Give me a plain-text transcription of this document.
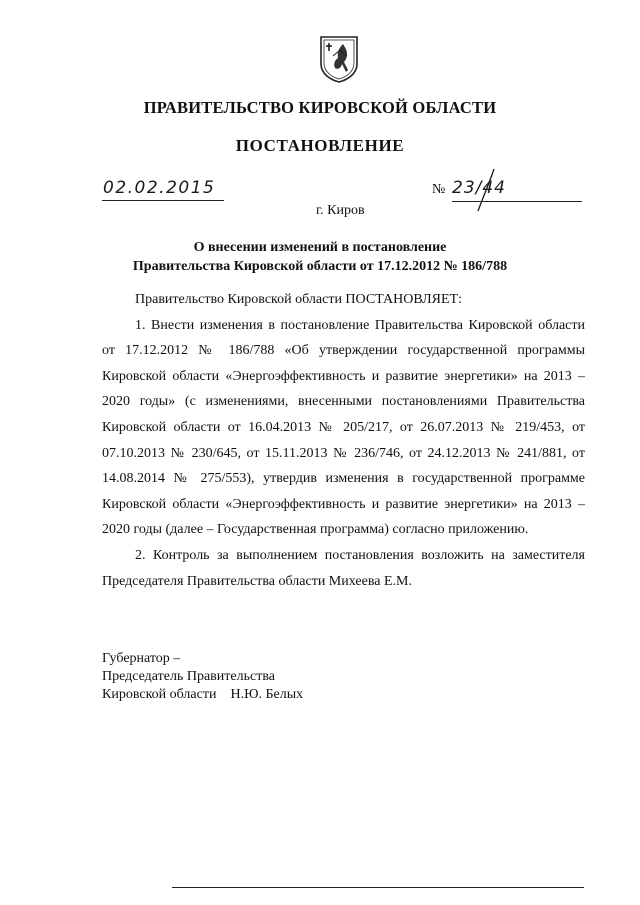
ПРАВИТЕЛЬСТВО КИРОВСКОЙ ОБЛАСТИ
ПОСТАНОВЛЕНИЕ
02.02.2015
г. Киров
№ 23/44
О внесении изменений в постановление
Правительства Кировской области от 17.12.2012 № 186/788

Правительство Кировской области ПОСТАНОВЛЯЕТ:

1. Внести изменения в постановление Правительства Кировской области от 17.12.2012 № 186/788 «Об утверждении государственной программы Кировской области «Энергоэффективность и развитие энергетики» на 2013 – 2020 годы» (с изменениями, внесенными постановлениями Правительства Кировской области от 16.04.2013 № 205/217, от 26.07.2013 № 219/453, от 07.10.2013 № 230/645, от 15.11.2013 № 236/746, от 24.12.2013 № 241/881, от 14.08.2014 № 275/553), утвердив изменения в государственной программе Кировской области «Энергоэффективность и развитие энергетики» на 2013 – 2020 годы (далее – Государственная программа) согласно приложению.

2. Контроль за выполнением постановления возложить на заместителя Председателя Правительства области Михеева Е.М.

Губернатор –
Председатель Правительства
Кировской области    Н.Ю. Белых
